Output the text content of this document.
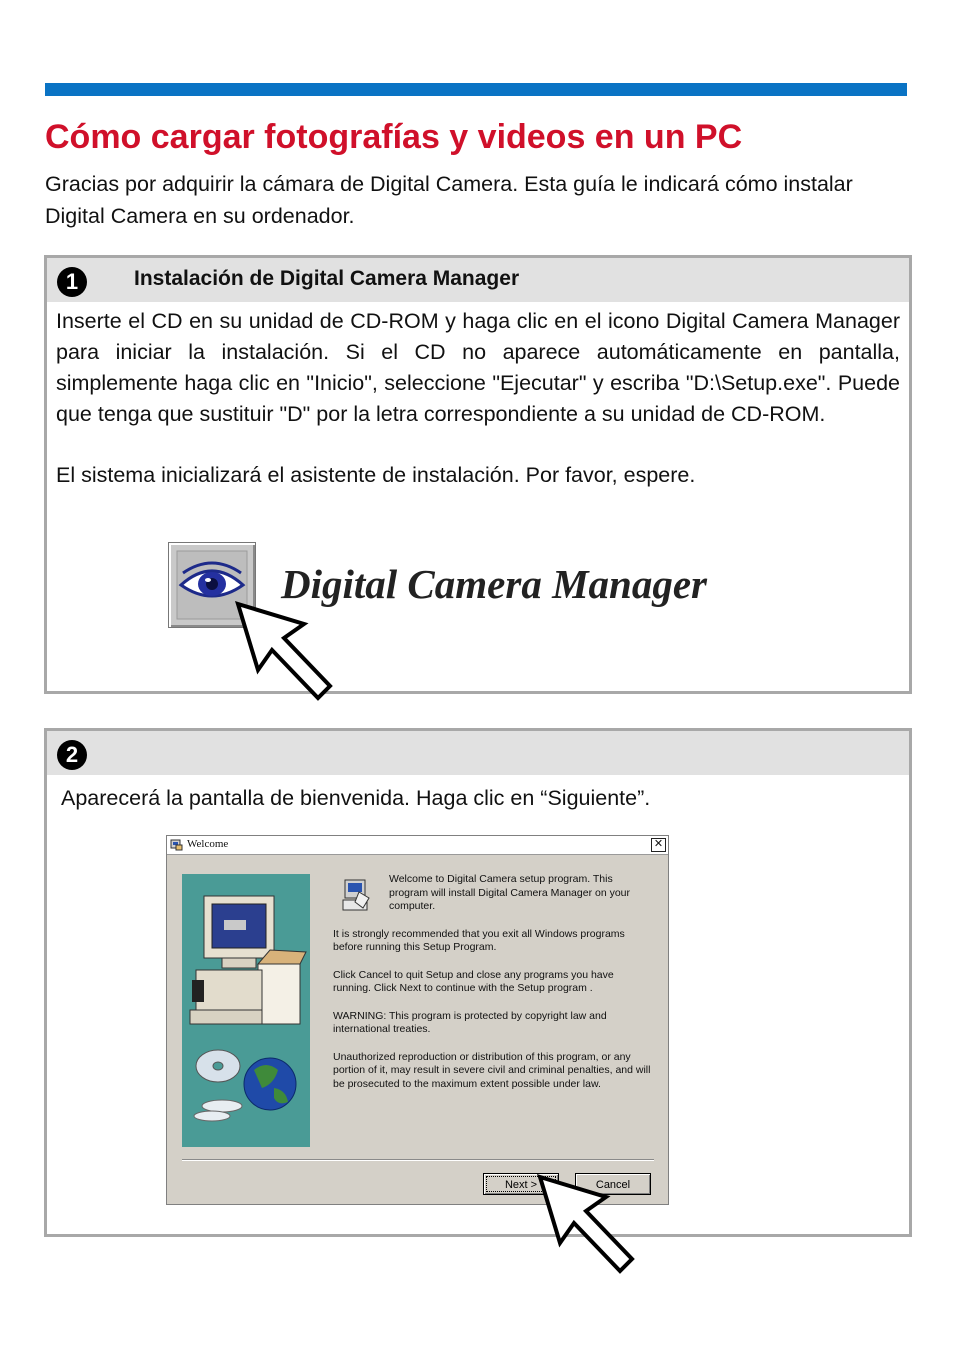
Cómo cargar fotografías y videos en un PC

Gracias por adquirir la cámara de Digital Camera. Esta guía le indicará cómo instalar Digital Camera en su ordenador.

1	Instalación de Digital Camera Manager

Inserte el CD en su unidad de CD-ROM y haga clic en el icono Digital Camera Manager para iniciar la instalación. Si el CD no aparece automáticamente en pantalla, simplemente haga clic en "Inicio", seleccione "Ejecutar" y escriba "D:\Setup.exe". Puede que tenga que sustituir "D" por la letra correspondiente a su unidad de CD-ROM.

El sistema inicializará el asistente de instalación. Por favor, espere.

Digital Camera Manager
2

Aparecerá la pantalla de bienvenida. Haga clic en “Siguiente”.

Welcome	✕

Welcome to Digital Camera setup program. This program will install Digital Camera Manager on your computer.

It is strongly recommended that you exit all Windows programs before running this Setup Program.

Click Cancel to quit Setup and close any programs you have running. Click Next to continue with the Setup program .

WARNING: This program is protected by copyright law and international treaties.

Unauthorized reproduction or distribution of this program, or any portion of it, may result in severe civil and criminal penalties, and will be prosecuted to the maximum extent possible under law.

Next >	Cancel
